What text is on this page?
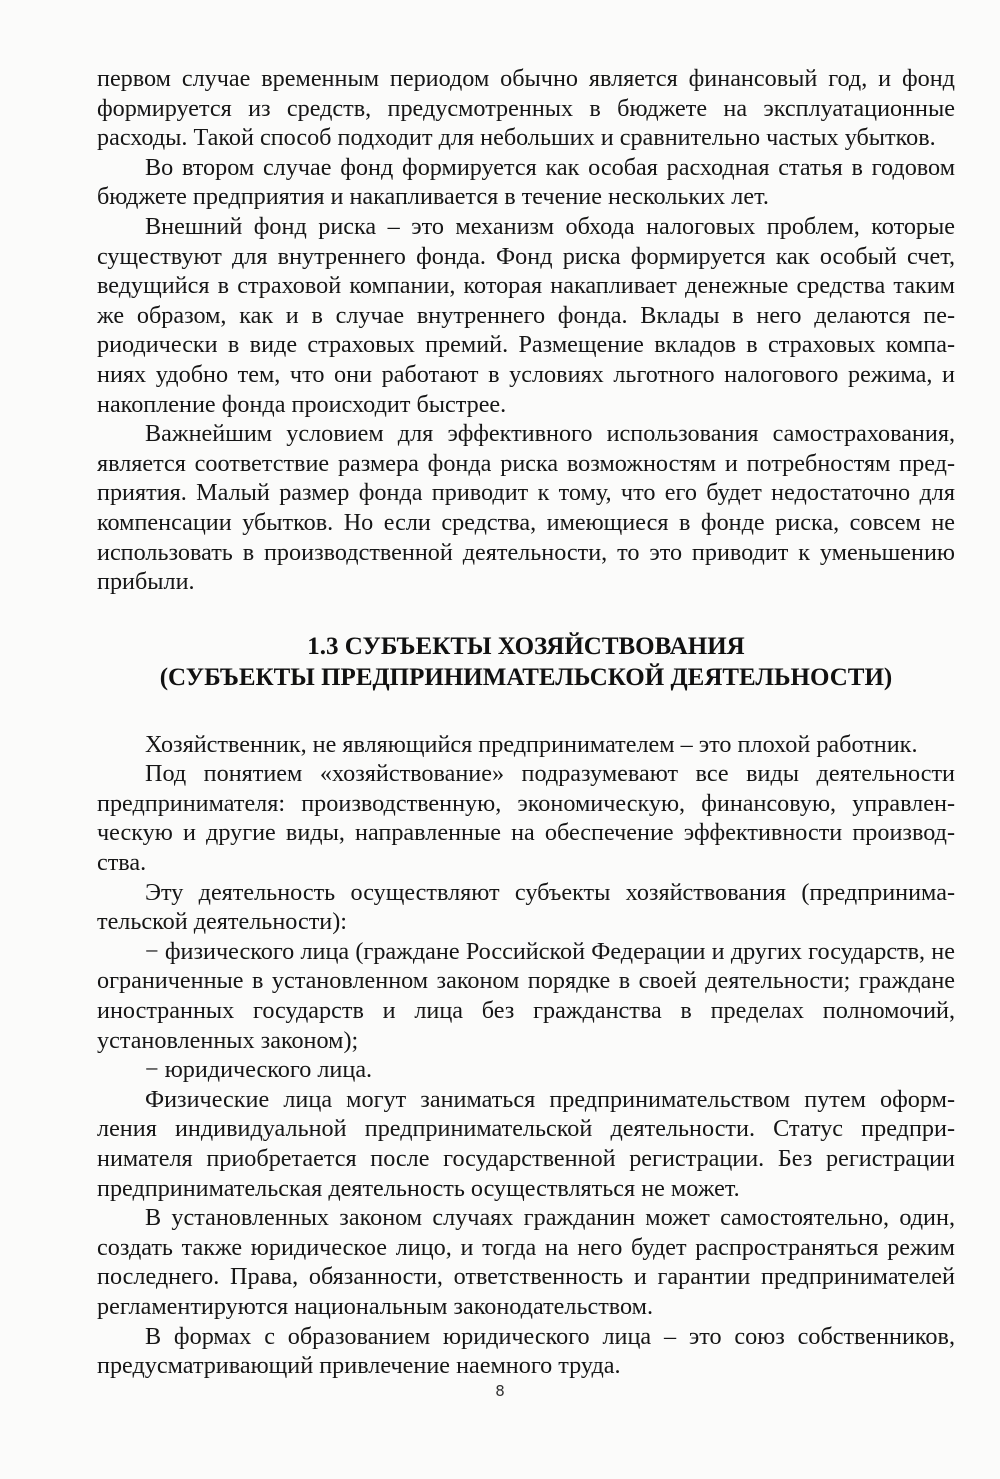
первом случае временным периодом обычно является финансовый год, и фонд формируется из средств, предусмотренных в бюджете на эксплуатационные расходы. Такой способ подходит для небольших и сравнительно частых убытков.

Во втором случае фонд формируется как особая расходная статья в годовом бюджете предприятия и накапливается в течение нескольких лет.

Внешний фонд риска – это механизм обхода налоговых проблем, которые существуют для внутреннего фонда. Фонд риска формируется как особый счет, ведущийся в страховой компании, которая накапливает денежные средства таким же образом, как и в случае внутреннего фонда. Вклады в него делаются периодически в виде страховых премий. Размещение вкладов в страховых компаниях удобно тем, что они работают в условиях льготного налогового режима, и накопление фонда происходит быстрее.

Важнейшим условием для эффективного использования самострахования, является соответствие размера фонда риска возможностям и потребностям предприятия. Малый размер фонда приводит к тому, что его будет недостаточно для компенсации убытков. Но если средства, имеющиеся в фонде риска, совсем не использовать в производственной деятельности, то это приводит к уменьшению прибыли.

1.3 СУБЪЕКТЫ ХОЗЯЙСТВОВАНИЯ
(СУБЪЕКТЫ ПРЕДПРИНИМАТЕЛЬСКОЙ ДЕЯТЕЛЬНОСТИ)

Хозяйственник, не являющийся предпринимателем – это плохой работник.

Под понятием «хозяйствование» подразумевают все виды деятельности предпринимателя: производственную, экономическую, финансовую, управленческую и другие виды, направленные на обеспечение эффективности производства.

Эту деятельность осуществляют субъекты хозяйствования (предпринимательской деятельности):

− физического лица (граждане Российской Федерации и других государств, не ограниченные в установленном законом порядке в своей деятельности; граждане иностранных государств и лица без гражданства в пределах полномочий, установленных законом);

− юридического лица.

Физические лица могут заниматься предпринимательством путем оформления индивидуальной предпринимательской деятельности. Статус предпринимателя приобретается после государственной регистрации. Без регистрации предпринимательская деятельность осуществляться не может.

В установленных законом случаях гражданин может самостоятельно, один, создать также юридическое лицо, и тогда на него будет распространяться режим последнего. Права, обязанности, ответственность и гарантии предпринимателей регламентируются национальным законодательством.

В формах с образованием юридического лица – это союз собственников, предусматривающий привлечение наемного труда.

8
